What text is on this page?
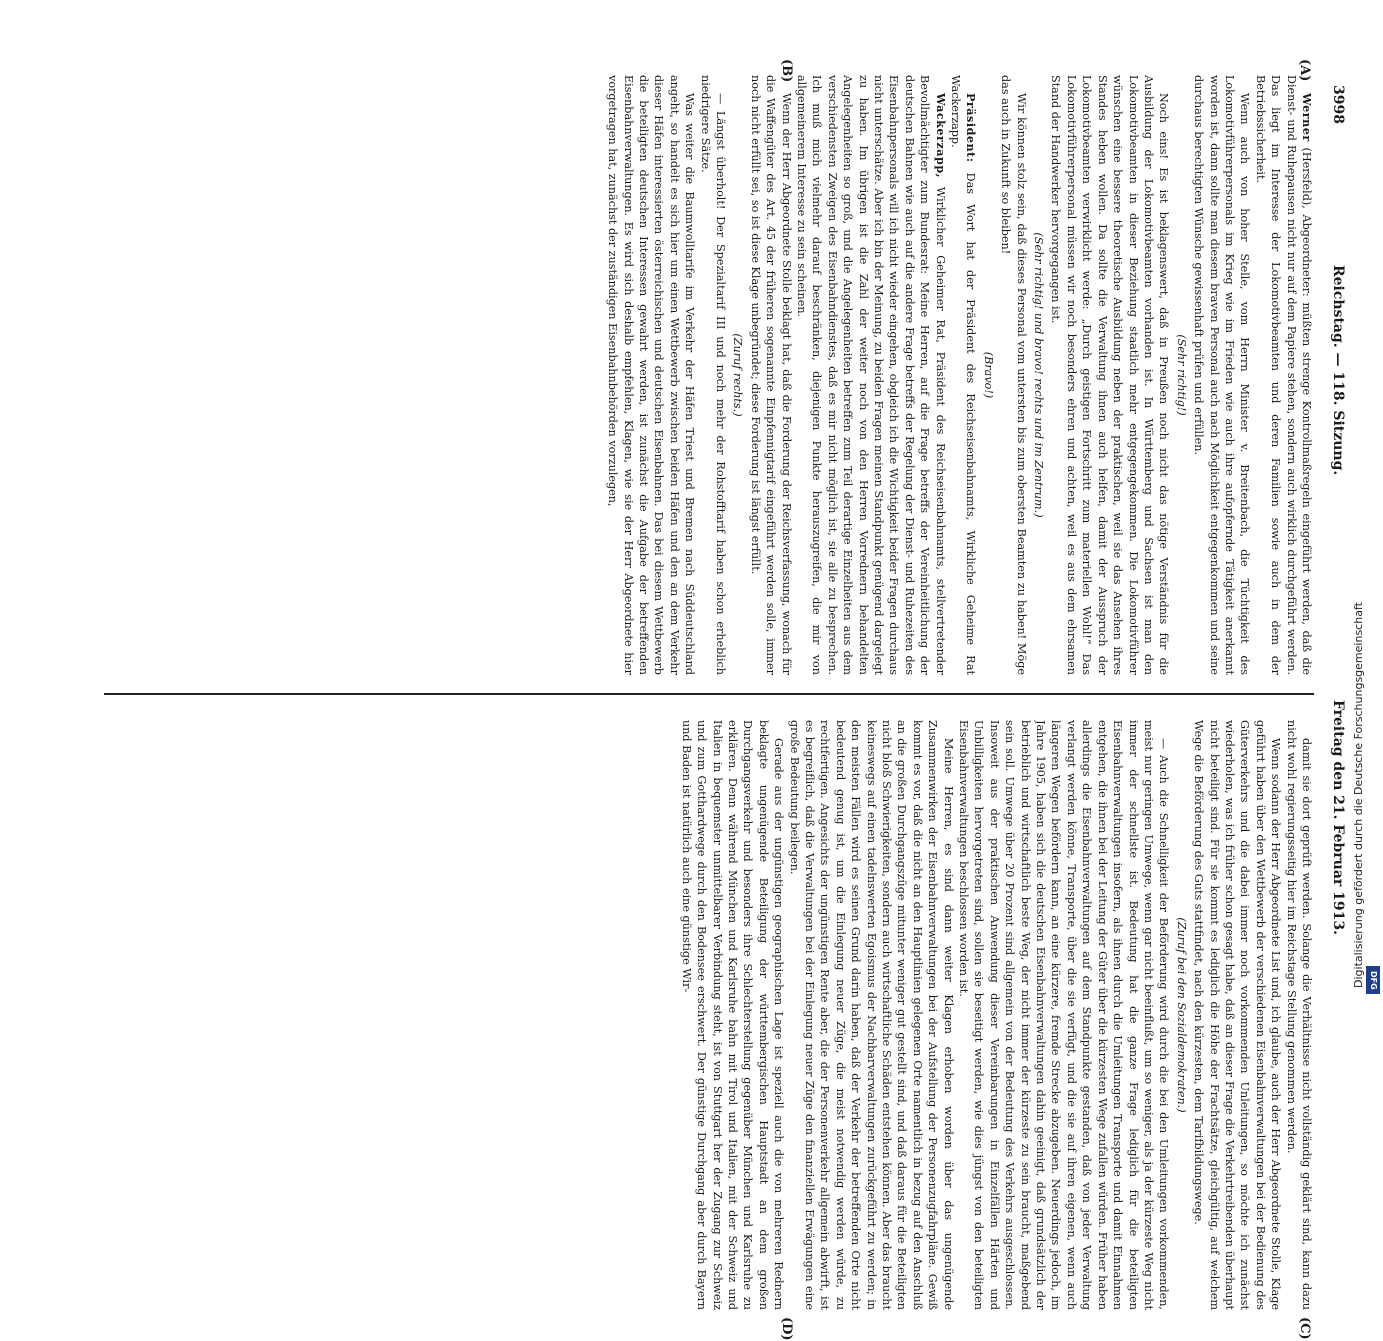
3998
Reichstag. — 118. Sitzung.
Freitag den 21. Februar 1913.
(A)
(B)
(C)
(D)

Werner (Hersfeld), Abgeordneter: müßten strenge Kontrollmaßregeln eingeführt werden, daß die Dienst- und Ruhepausen nicht nur auf dem Papiere stehen, sondern auch wirklich durchgeführt werden. Das liegt im Interesse der Lokomotivbeamten und deren Familien sowie auch in dem der Betriebssicherheit.

Wenn auch von hoher Stelle, vom Herrn Minister v. Breitenbach, die Tüchtigkeit des Lokomotivführerpersonals im Krieg wie im Frieden wie auch ihre aufopfernde Tätigkeit anerkannt worden ist, dann sollte man diesem braven Personal auch nach Möglichkeit entgegenkommen und seine durchaus berechtigten Wünsche gewissenhaft prüfen und erfüllen.

(Sehr richtig!)

Noch eins! Es ist beklagenswert, daß in Preußen noch nicht das nötige Verständnis für die Ausbildung der Lokomotivbeamten vorhanden ist. In Württemberg und Sachsen ist man den Lokomotivbeamten in dieser Beziehung staatlich mehr entgegengekommen. Die Lokomotivführer wünschen eine bessere theoretische Ausbildung neben der praktischen, weil sie das Ansehen ihres Standes heben wollen. Da sollte die Verwaltung ihnen auch helfen, damit der Ausspruch der Lokomotivbeamten verwirklicht werde: „Durch geistigen Fortschritt zum materiellen Wohl!“ Das Lokomotivführerpersonal müssen wir noch besonders ehren und achten, weil es aus dem ehrsamen Stand der Handwerker hervorgegangen ist.

(Sehr richtig! und bravo! rechts und im Zentrum.)

Wir können stolz sein, daß dieses Personal vom untersten bis zum obersten Beamten zu haben! Möge das auch in Zukunft so bleiben!

(Bravo!)

Präsident: Das Wort hat der Präsident des Reichseisenbahnamts, Wirkliche Geheime Rat Wackerzapp.

Wackerzapp, Wirklicher Geheimer Rat, Präsident des Reichseisenbahnamts, stellvertretender Bevollmächtigter zum Bundesrat: Meine Herren, auf die Frage betreffs der Vereinheitlichung der deutschen Bahnen wie auch auf die andere Frage betreffs der Regelung der Dienst- und Ruhezeiten des Eisenbahnpersonals will ich nicht wieder eingehen, obgleich ich die Wichtigkeit beider Fragen durchaus nicht unterschätze. Aber ich bin der Meinung, zu beiden Fragen meinen Standpunkt genügend dargelegt zu haben. Im übrigen ist die Zahl der weiter noch von den Herren Vorrednern behandelten Angelegenheiten so groß, und die Angelegenheiten betreffen zum Teil derartige Einzelheiten aus dem verschiedensten Zweigen des Eisenbahndienstes, daß es mir nicht möglich ist, sie alle zu besprechen. Ich muß mich vielmehr darauf beschränken, diejenigen Punkte herauszugreifen, die mir von allgemeinerem Interesse zu sein scheinen.

Wenn der Herr Abgeordnete Stolle beklagt hat, daß die Forderung der Reichsverfassung, wonach für die Waffengüter des Art. 45 der früheren sogenannte Einpfennigtarif eingeführt werden solle, immer noch nicht erfüllt sei, so ist diese Klage unbegründet; diese Forderung ist längst erfüllt.

(Zuruf rechts.)

— Längst überholt! Der Spezialtarif III und noch mehr der Rohstofftarif haben schon erheblich niedrigere Sätze.

Was weiter die Baumwolltarife im Verkehr der Häfen Triest und Bremen nach Süddeutschland angeht, so handelt es sich hier um einen Wettbewerb zwischen beiden Häfen und den an dem Verkehr dieser Häfen interessierten österreichischen und deutschen Eisenbahnen. Das bei diesem Wettbewerb die beteiligten deutschen Interessen gewahrt werden, ist zunächst die Aufgabe der betreffenden Eisenbahnverwaltungen. Es wird sich deshalb empfehlen, Klagen, wie sie der Herr Abgeordnete hier vorgetragen hat, zunächst der zuständigen Eisenbahnbehörden vorzulegen,

damit sie dort geprüft werden. Solange die Verhältnisse nicht vollständig geklärt sind, kann dazu nicht wohl regierungsseitig hier im Reichstage Stellung genommen werden.

Wenn sodann der Herr Abgeordnete List und, ich glaube, auch der Herr Abgeordnete Stolle, Klage geführt haben über den Wettbewerb der verschiedenen Eisenbahnverwaltungen bei der Bedienung des Güterverkehrs und die dabei immer noch vorkommenden Unleitungen, so möchte ich zunächst wiederholen, was ich früher schon gesagt habe, daß an dieser Frage die Verkehrtreibenden überhaupt nicht beteiligt sind. Für sie kommt es lediglich die Höhe der Frachtsätze, gleichgültig, auf welchem Wege die Beförderung des Guts stattfindet, nach den kürzesten, dem Tarifbildungswege.

(Zuruf bei den Sozialdemokraten.)

— Auch die Schnelligkeit der Beförderung wird durch die bei den Umleitungen vorkommenden, meist nur geringen Umwege, wenn gar nicht beeinflußt, um so weniger, als ja der kürzeste Weg nicht immer der schnellste ist. Bedeutung hat die ganze Frage lediglich für die beteiligten Eisenbahnverwaltungen insofern, als ihnen durch die Umleitungen Transporte und damit Einnahmen entgehen, die ihnen bei der Leitung der Güter über die kürzesten Wege zufallen würden. Früher haben allerdings die Eisenbahnverwaltungen auf dem Standpunkte gestanden, daß von jeder Verwaltung verlangt werden könne, Transporte, über die sie verfügt, und die sie auf ihren eigenen, wenn auch längeren Wegen befördern kann, an eine kürzere, fremde Strecke abzugeben. Neuerdings jedoch, im Jahre 1905, haben sich die deutschen Eisenbahnverwaltungen dahin geeinigt, daß grundsätzlich der betrieblich und wirtschaftlich beste Weg, der nicht immer der kürzeste zu sein braucht, maßgebend sein soll. Umwege über 20 Prozent sind allgemein von der Bedeutung des Verkehrs ausgeschlossen. Insoweit aus der praktischen Anwendung dieser Vereinbarungen in Einzelfällen Härten und Unbilligkeiten hervorgetreten sind, sollen sie beseitigt werden, wie dies jüngst von den beteiligten Eisenbahnverwaltungen beschlossen worden ist.

Meine Herren, es sind dann weiter Klagen erhoben worden über das ungenügende Zusammenwirken der Eisenbahnverwaltungen bei der Aufstellung der Personenzugfahrpläne. Gewiß kommt es vor, daß die nicht an den Hauptlinien gelegenen Orte namentlich in bezug auf den Anschluß an die großen Durchgangszüge mitunter weniger gut gestellt sind, und daß daraus für die Beteiligten nicht bloß Schwierigkeiten, sondern auch wirtschaftliche Schäden entstehen können. Aber das braucht keineswegs auf einen tadelnswerten Egoismus der Nachbarverwaltungen zurückgeführt zu werden; in den meisten Fällen wird es seinen Grund darin haben, daß der Verkehr der betreffenden Orte nicht bedeutend genug ist, um die Einlegung neuer Züge, die meist notwendig werden würde, zu rechtfertigen. Angesichts der ungünstigen Rente aber, die der Personenverkehr allgemein abwirft, ist es begreiflich, daß die Verwaltungen bei der Einlegung neuer Züge den finanziellen Erwägungen eine große Bedeutung beilegen.

Gerade aus der ungünstigen geographischen Lage ist speziell auch die von mehreren Rednern beklagte ungenügende Beteiligung der württembergischen Hauptstadt an dem großen Durchgangsverkehr und besonders ihre Schlechterstellung gegenüber München und Karlsruhe zu erklären. Denn während München und Karlsruhe bahn mit Tirol und Italien, mit der Schweiz und Italien in bequemster unmittelbarer Verbindung steht, ist von Stuttgart her der Zugang zur Schweiz und zum Gotthardwege durch den Bodensee erschwert. Der günstige Durchgang aber durch Bayern und Baden ist natürlich auch eine günstige Wir-	Digitalisierung gefördert durch die Deutsche Forschungsgemeinschaft DFG
